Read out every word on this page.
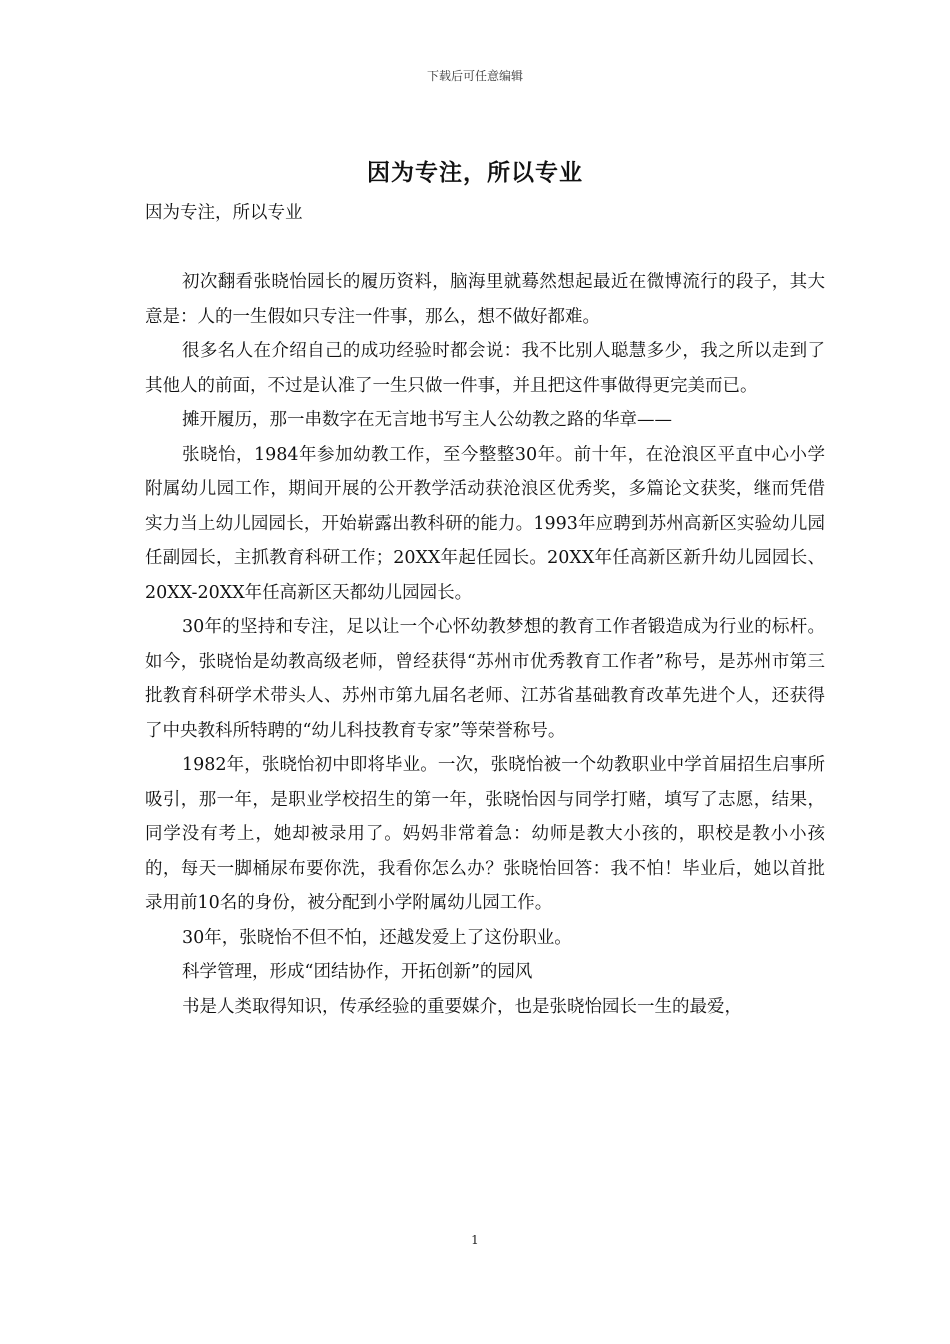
下载后可任意编辑
因为专注，所以专业

因为专注，所以专业

初次翻看张晓怡园长的履历资料，脑海里就蓦然想起最近在微博流行的段子，其大意是：人的一生假如只专注一件事，那么，想不做好都难。

很多名人在介绍自己的成功经验时都会说：我不比别人聪慧多少，我之所以走到了其他人的前面，不过是认准了一生只做一件事，并且把这件事做得更完美而已。

摊开履历，那一串数字在无言地书写主人公幼教之路的华章——

张晓怡，1984年参加幼教工作，至今整整30年。前十年，在沧浪区平直中心小学附属幼儿园工作，期间开展的公开教学活动获沧浪区优秀奖，多篇论文获奖，继而凭借实力当上幼儿园园长，开始崭露出教科研的能力。1993年应聘到苏州高新区实验幼儿园任副园长，主抓教育科研工作；20XX年起任园长。20XX年任高新区新升幼儿园园长、20XX-20XX年任高新区天都幼儿园园长。

30年的坚持和专注，足以让一个心怀幼教梦想的教育工作者锻造成为行业的标杆。如今，张晓怡是幼教高级老师，曾经获得“苏州市优秀教育工作者”称号，是苏州市第三批教育科研学术带头人、苏州市第九届名老师、江苏省基础教育改革先进个人，还获得了中央教科所特聘的“幼儿科技教育专家”等荣誉称号。

1982年，张晓怡初中即将毕业。一次，张晓怡被一个幼教职业中学首届招生启事所吸引，那一年，是职业学校招生的第一年，张晓怡因与同学打赌，填写了志愿，结果，同学没有考上，她却被录用了。妈妈非常着急：幼师是教大小孩的，职校是教小小孩的，每天一脚桶尿布要你洗，我看你怎么办？张晓怡回答：我不怕！毕业后，她以首批录用前10名的身份，被分配到小学附属幼儿园工作。

30年，张晓怡不但不怕，还越发爱上了这份职业。

科学管理，形成“团结协作，开拓创新”的园风

书是人类取得知识，传承经验的重要媒介，也是张晓怡园长一生的最爱，

1
